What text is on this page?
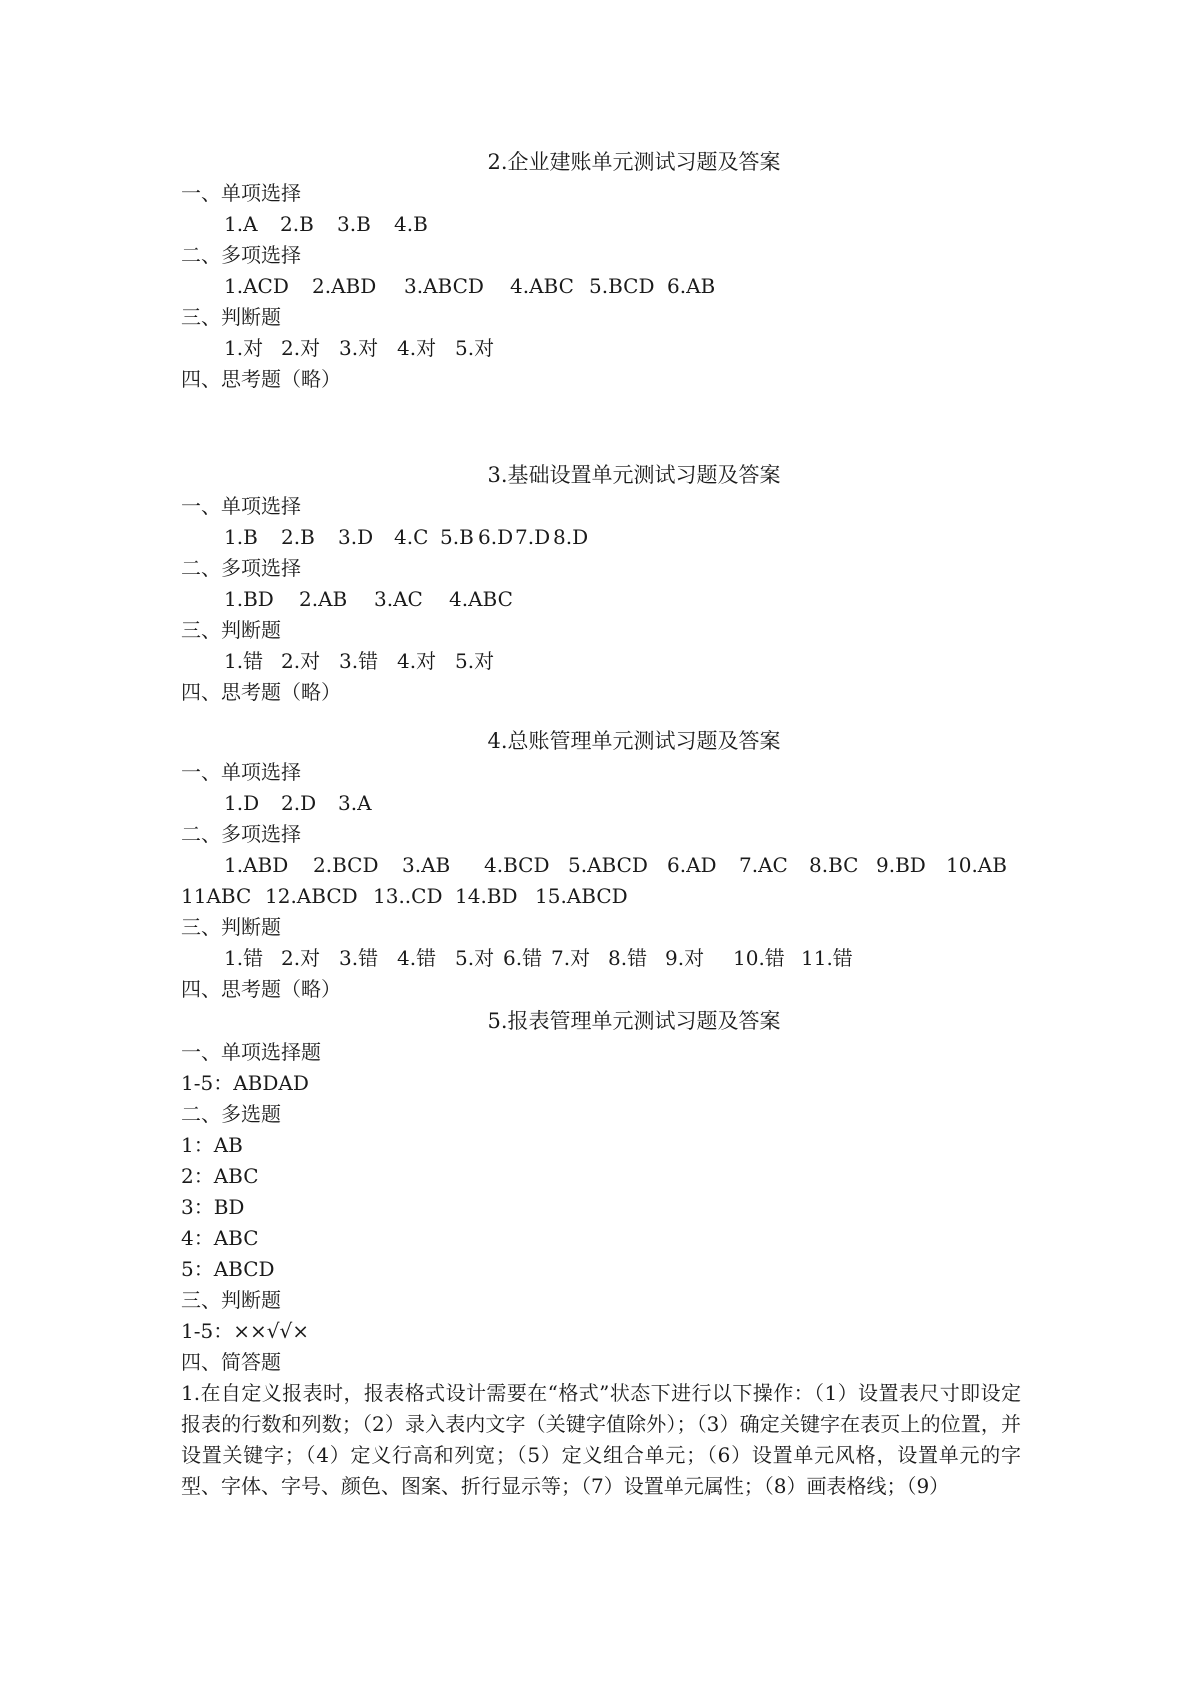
2.企业建账单元测试习题及答案
一、单项选择
1.A 2.B 3.B 4.B
二、多项选择
1.ACD 2.ABD 3.ABCD 4.ABC 5.BCD 6.AB
三、判断题
1.对 2.对 3.对 4.对 5.对
四、思考题（略）
3.基础设置单元测试习题及答案
一、单项选择
1.B 2.B 3.D 4.C 5.B 6.D7.D 8.D
二、多项选择
1.BD 2.AB 3.AC 4.ABC
三、判断题
1.错 2.对 3.错 4.对 5.对
四、思考题（略）
4.总账管理单元测试习题及答案
一、单项选择
1.D 2.D 3.A
二、多项选择
1.ABD 2.BCD 3.AB 4.BCD 5.ABCD 6.AD 7.AC 8.BC 9.BD 10.AB
11ABC 12.ABCD 13..CD 14.BD 15.ABCD
三、判断题
1.错 2.对 3.错 4.错 5.对 6.错 7.对 8.错 9.对 10.错 11.错
四、思考题（略）
5.报表管理单元测试习题及答案
一、单项选择题
1-5：ABDAD
二、多选题
1：AB
2：ABC
3：BD
4：ABC
5：ABCD
三、判断题
1-5：××√√×
四、简答题
1.在自定义报表时，报表格式设计需要在“格式”状态下进行以下操作：（1）设置表尺寸即设定报表的行数和列数；（2）录入表内文字（关键字值除外）；（3）确定关键字在表页上的位置，并设置关键字；（4）定义行高和列宽；（5）定义组合单元；（6）设置单元风格，设置单元的字型、字体、字号、颜色、图案、折行显示等；（7）设置单元属性；（8）画表格线；（9）
